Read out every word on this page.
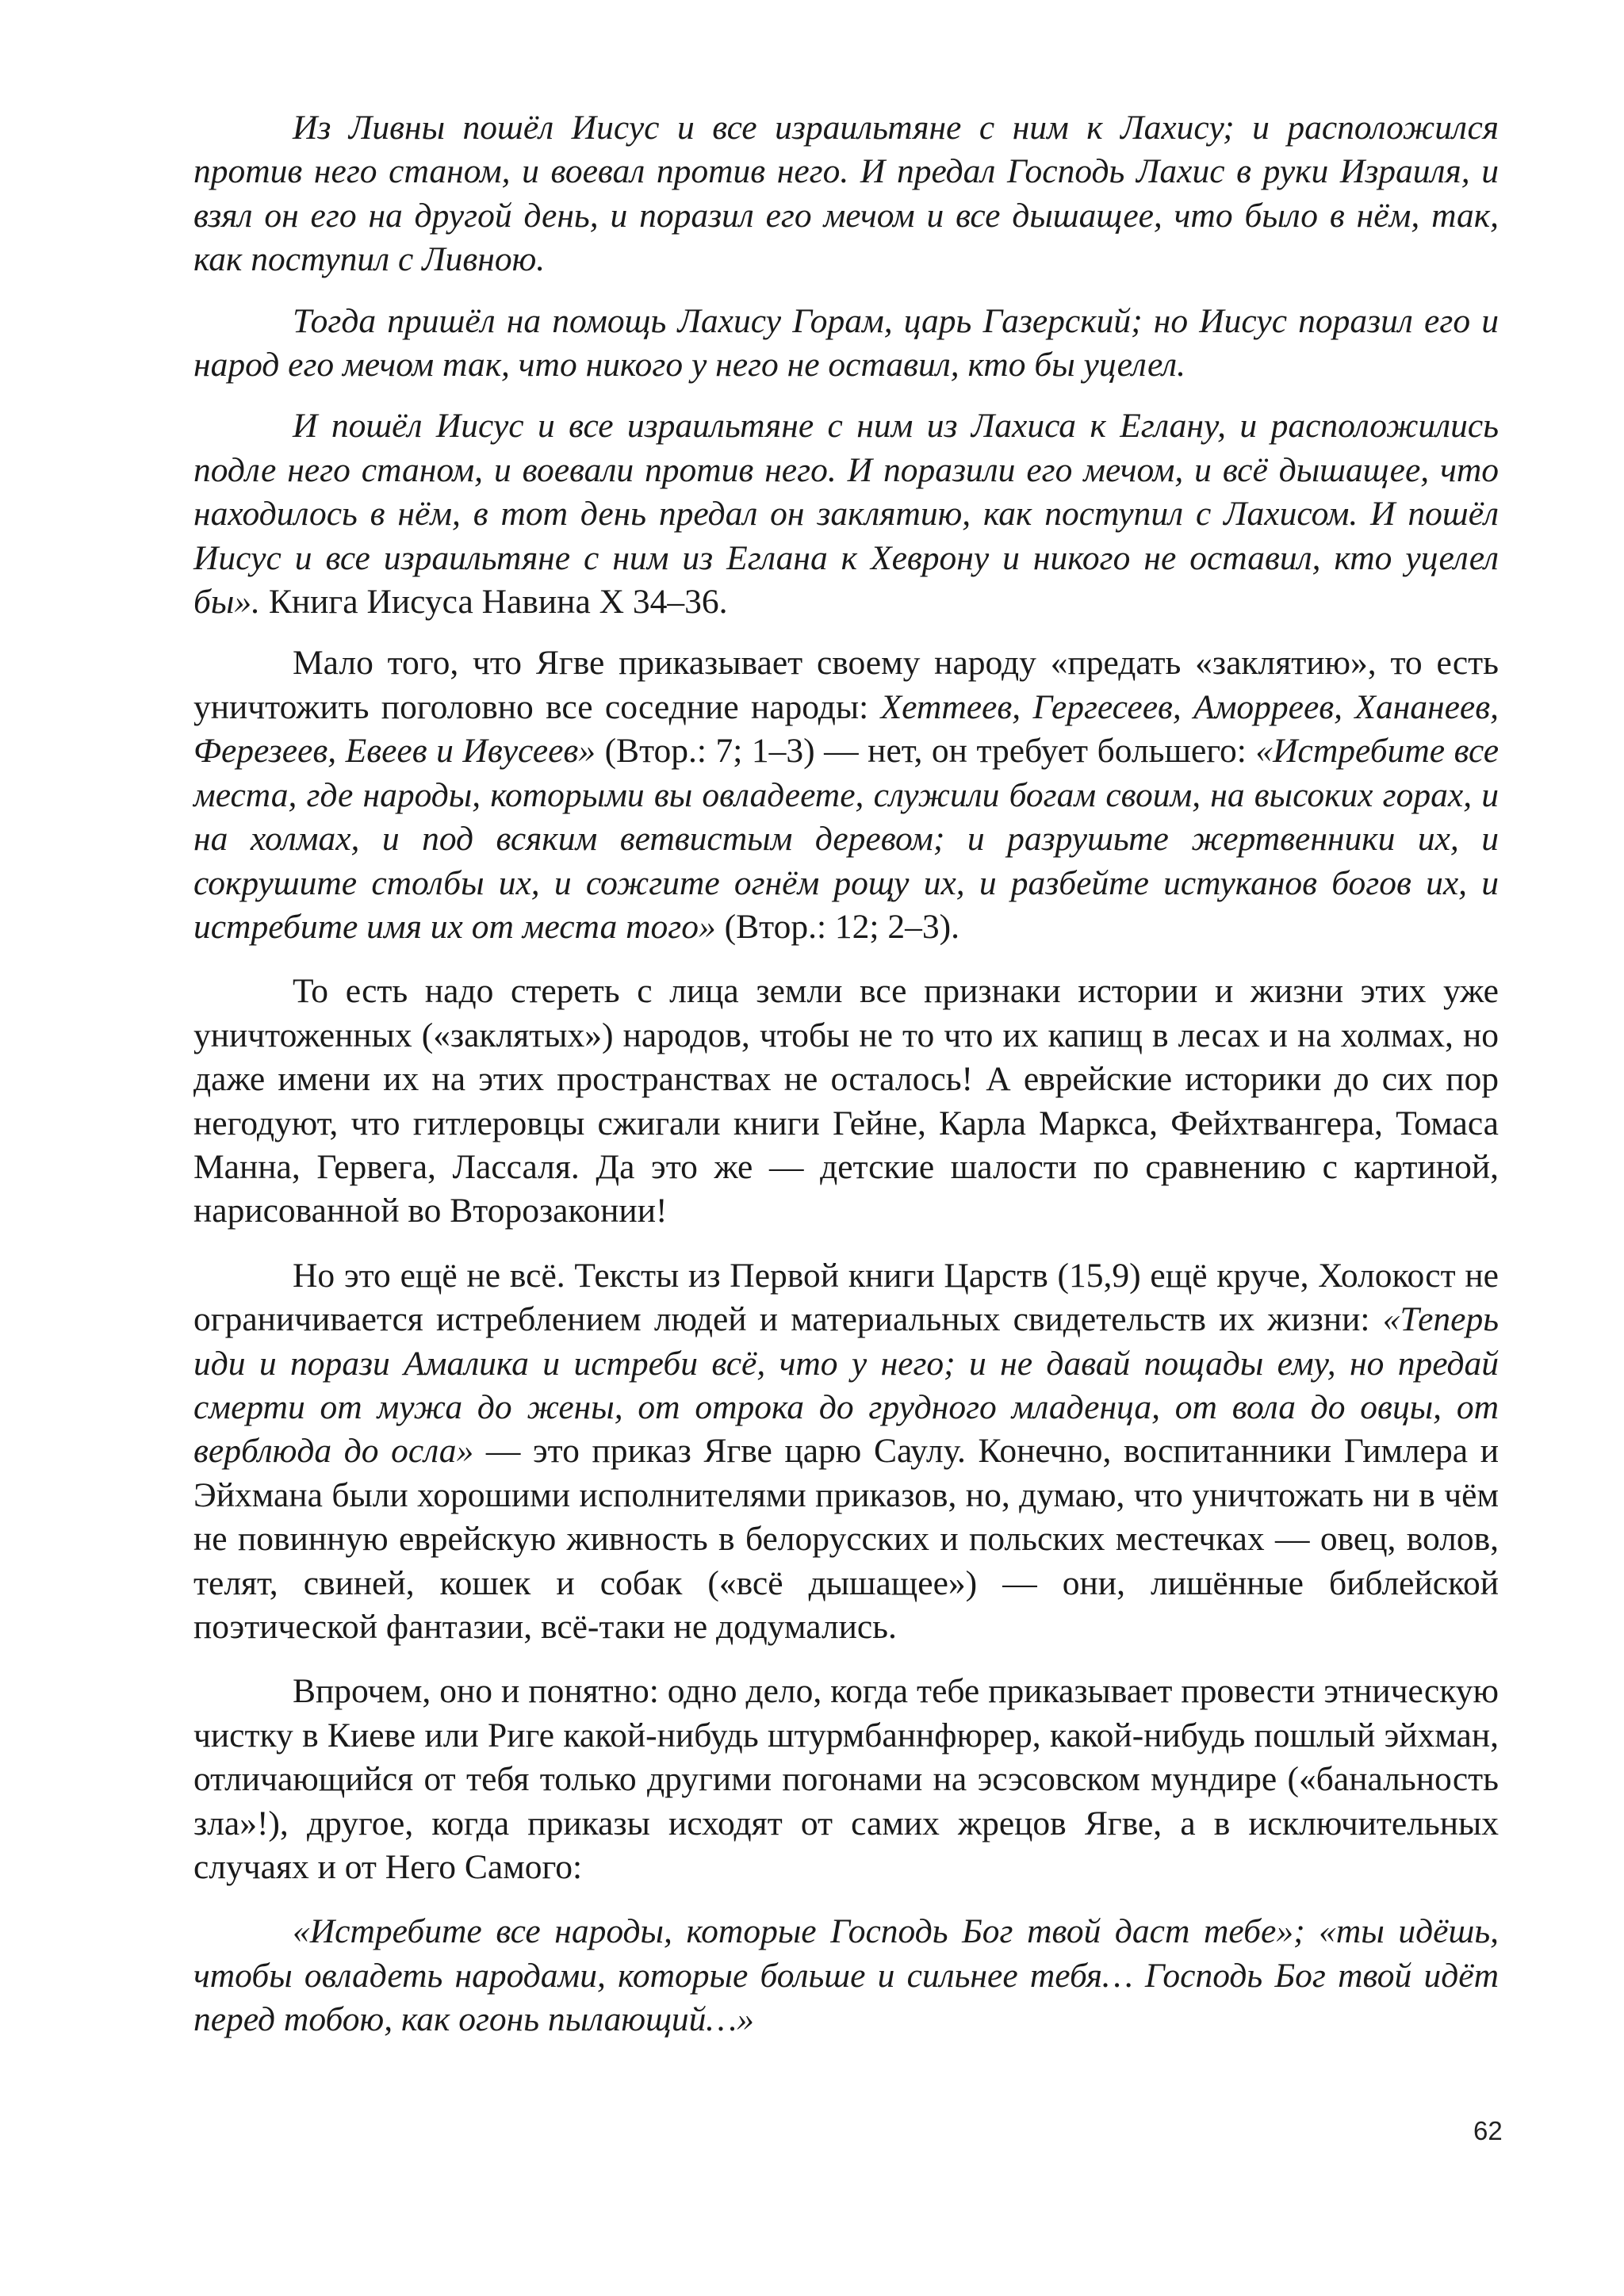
Из Ливны пошёл Иисус и все израильтяне с ним к Лахису; и расположился против него станом, и воевал против него. И предал Господь Лахис в руки Израиля, и взял он его на другой день, и поразил его мечом и все дышащее, что было в нём, так, как поступил с Ливною.

Тогда пришёл на помощь Лахису Горам, царь Газерский; но Иисус поразил его и народ его мечом так, что никого у него не оставил, кто бы уцелел.

И пошёл Иисус и все израильтяне с ним из Лахиса к Еглану, и расположились подле него станом, и воевали против него. И поразили его мечом, и всё дышащее, что находилось в нём, в тот день предал он заклятию, как поступил с Лахисом. И пошёл Иисус и все израильтяне с ним из Еглана к Хеврону и никого не оставил, кто уцелел бы». Книга Иисуса Навина X 34–36.

Мало того, что Ягве приказывает своему народу «предать «заклятию», то есть уничтожить поголовно все соседние народы: Хеттеев, Гергесеев, Аморреев, Хананеев, Ферезеев, Евеев и Ивусеев» (Втор.: 7; 1–3) — нет, он требует большего: «Истребите все места, где народы, которыми вы овладеете, служили богам своим, на высоких горах, и на холмах, и под всяким ветвистым деревом; и разрушьте жертвенники их, и сокрушите столбы их, и сожгите огнём рощу их, и разбейте истуканов богов их, и истребите имя их от места того» (Втор.: 12; 2–3).

То есть надо стереть с лица земли все признаки истории и жизни этих уже уничтоженных («заклятых») народов, чтобы не то что их капищ в лесах и на холмах, но даже имени их на этих пространствах не осталось! А еврейские историки до сих пор негодуют, что гитлеровцы сжигали книги Гейне, Карла Маркса, Фейхтвангера, Томаса Манна, Гервега, Лассаля. Да это же — детские шалости по сравнению с картиной, нарисованной во Второзаконии!

Но это ещё не всё. Тексты из Первой книги Царств (15,9) ещё круче, Холокост не ограничивается истреблением людей и материальных свидетельств их жизни: «Теперь иди и порази Амалика и истреби всё, что у него; и не давай пощады ему, но предай смерти от мужа до жены, от отрока до грудного младенца, от вола до овцы, от верблюда до осла» — это приказ Ягве царю Саулу. Конечно, воспитанники Гимлера и Эйхмана были хорошими исполнителями приказов, но, думаю, что уничтожать ни в чём не повинную еврейскую живность в белорусских и польских местечках — овец, волов, телят, свиней, кошек и собак («всё дышащее») — они, лишённые библейской поэтической фантазии, всё-таки не додумались.

Впрочем, оно и понятно: одно дело, когда тебе приказывает провести этническую чистку в Киеве или Риге какой-нибудь штурмбаннфюрер, какой-нибудь пошлый эйхман, отличающийся от тебя только другими погонами на эсэсовском мундире («банальность зла»!), другое, когда приказы исходят от самих жрецов Ягве, а в исключительных случаях и от Него Самого:

«Истребите все народы, которые Господь Бог твой даст тебе»; «ты идёшь, чтобы овладеть народами, которые больше и сильнее тебя… Господь Бог твой идёт перед тобою, как огонь пылающий…»

62
